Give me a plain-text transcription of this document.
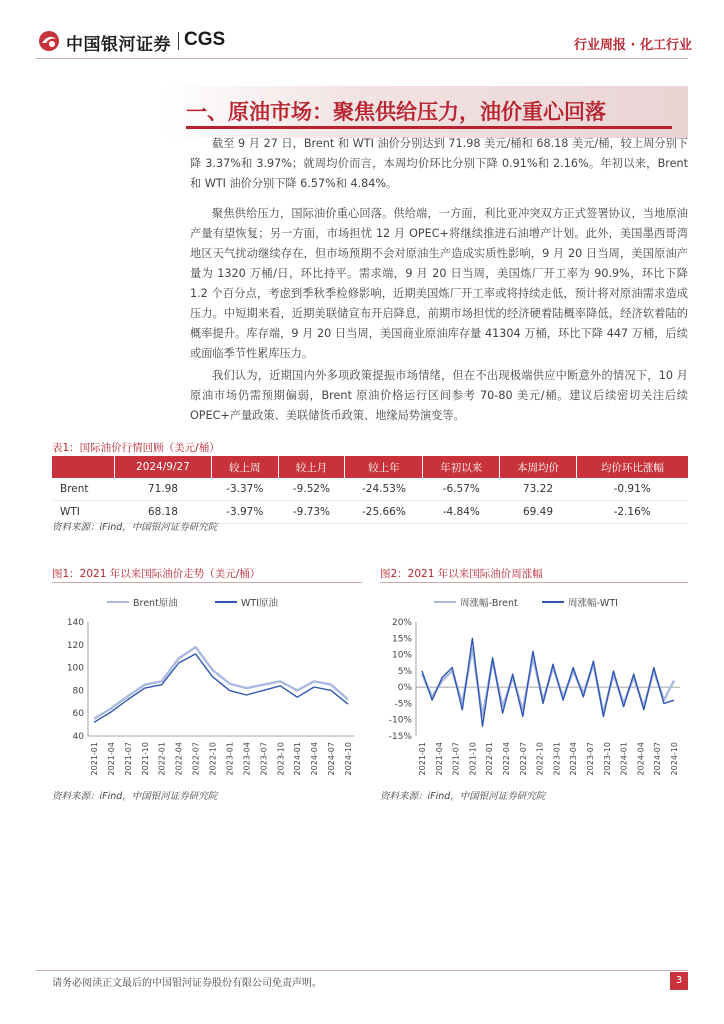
中国银河证券 CGS	行业周报 · 化工行业
一、原油市场：聚焦供给压力，油价重心回落

截至 9 月 27 日，Brent 和 WTI 油价分别达到 71.98 美元/桶和 68.18 美元/桶，较上周分别下降 3.37%和 3.97%；就周均价而言，本周均价环比分别下降 0.91%和 2.16%。年初以来，Brent 和 WTI 油价分别下降 6.57%和 4.84%。

聚焦供给压力，国际油价重心回落。供给端，一方面，利比亚冲突双方正式签署协议，当地原油产量有望恢复；另一方面，市场担忧 12 月 OPEC+将继续推进石油增产计划。此外，美国墨西哥湾地区天气扰动继续存在，但市场预期不会对原油生产造成实质性影响，9 月 20 日当周，美国原油产量为 1320 万桶/日，环比持平。需求端，9 月 20 日当周，美国炼厂开工率为 90.9%，环比下降 1.2 个百分点，考虑到季秋季检修影响，近期美国炼厂开工率或将持续走低，预计将对原油需求造成压力。中短期来看，近期美联储宣布开启降息，前期市场担忧的经济硬着陆概率降低，经济软着陆的概率提升。库存端，9 月 20 日当周，美国商业原油库存量 41304 万桶，环比下降 447 万桶，后续或面临季节性累库压力。

我们认为，近期国内外多项政策提振市场情绪，但在不出现极端供应中断意外的情况下，10 月原油市场仍需预期偏弱，Brent 原油价格运行区间参考 70-80 美元/桶。建议后续密切关注后续 OPEC+产量政策、美联储货币政策、地缘局势演变等。

表1：国际油价行情回顾（美元/桶）
	2024/9/27	较上周	较上月	较上年	年初以来	本周均价	均价环比涨幅
Brent	71.98	-3.37%	-9.52%	-24.53%	-6.57%	73.22	-0.91%
WTI	68.18	-3.97%	-9.73%	-25.66%	-4.84%	69.49	-2.16%
资料来源：iFind，中国银河证券研究院
图1：2021 年以来国际油价走势（美元/桶）
Brent原油	WTI原油
40
60
80
100
120
140
2021-01 2021-04 2021-07 2021-10 2022-01 2022-04 2022-07 2022-10 2023-01 2023-04 2023-07 2023-10 2024-01 2024-04 2024-07 2024-10
资料来源：iFind，中国银河证券研究院
图2：2021 年以来国际油价周涨幅
周涨幅-Brent	周涨幅-WTI
20%
15%
10%
5%
0%
-5%
-10%
-15%
2021-01 2021-04 2021-07 2021-10 2022-01 2022-04 2022-07 2022-10 2023-01 2023-04 2023-07 2023-10 2024-01 2024-04 2024-07 2024-10
资料来源：iFind，中国银河证券研究院
请务必阅读正文最后的中国银河证券股份有限公司免责声明。	3
